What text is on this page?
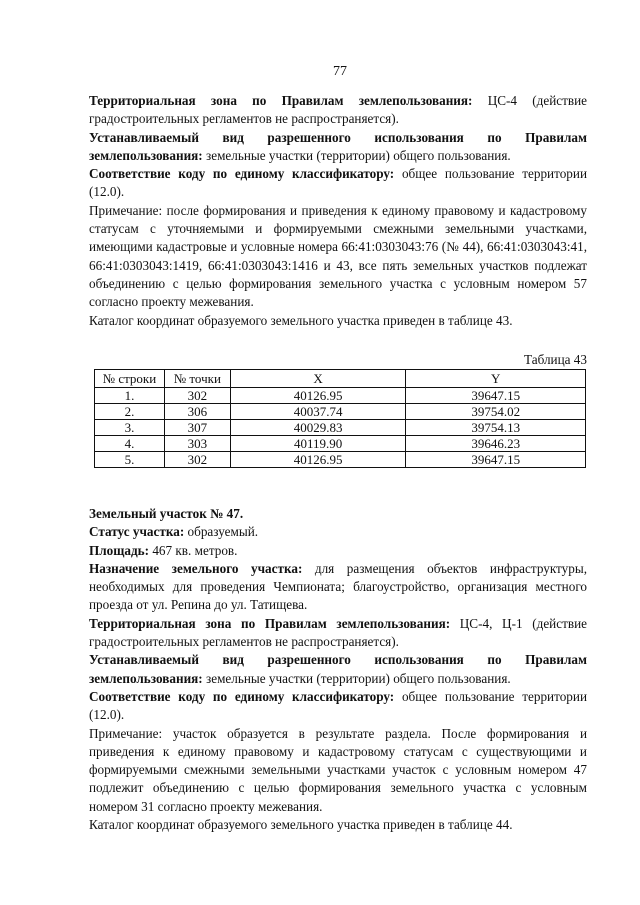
77

Территориальная зона по Правилам землепользования: ЦС-4 (действие градостроительных регламентов не распространяется).

Устанавливаемый вид разрешенного использования по Правилам землепользования: земельные участки (территории) общего пользования.

Соответствие коду по единому классификатору: общее пользование территории (12.0).

Примечание: после формирования и приведения к единому правовому и кадастровому статусам с уточняемыми и формируемыми смежными земельными участками, имеющими кадастровые и условные номера 66:41:0303043:76 (№ 44), 66:41:0303043:41, 66:41:0303043:1419, 66:41:0303043:1416 и 43, все пять земельных участков подлежат объединению с целью формирования земельного участка с условным номером 57 согласно проекту межевания.

Каталог координат образуемого земельного участка приведен в таблице 43.

Таблица 43
№ строки	№ точки	X	Y
1.	302	40126.95	39647.15
2.	306	40037.74	39754.02
3.	307	40029.83	39754.13
4.	303	40119.90	39646.23
5.	302	40126.95	39647.15

Земельный участок № 47.

Статус участка: образуемый.

Площадь: 467 кв. метров.

Назначение земельного участка: для размещения объектов инфраструктуры, необходимых для проведения Чемпионата; благоустройство, организация местного проезда от ул. Репина до ул. Татищева.

Территориальная зона по Правилам землепользования: ЦС-4, Ц-1 (действие градостроительных регламентов не распространяется).

Устанавливаемый вид разрешенного использования по Правилам землепользования: земельные участки (территории) общего пользования.

Соответствие коду по единому классификатору: общее пользование территории (12.0).

Примечание: участок образуется в результате раздела. После формирования и приведения к единому правовому и кадастровому статусам с существующими и формируемыми смежными земельными участками участок с условным номером 47 подлежит объединению с целью формирования земельного участка с условным номером 31 согласно проекту межевания.

Каталог координат образуемого земельного участка приведен в таблице 44.
